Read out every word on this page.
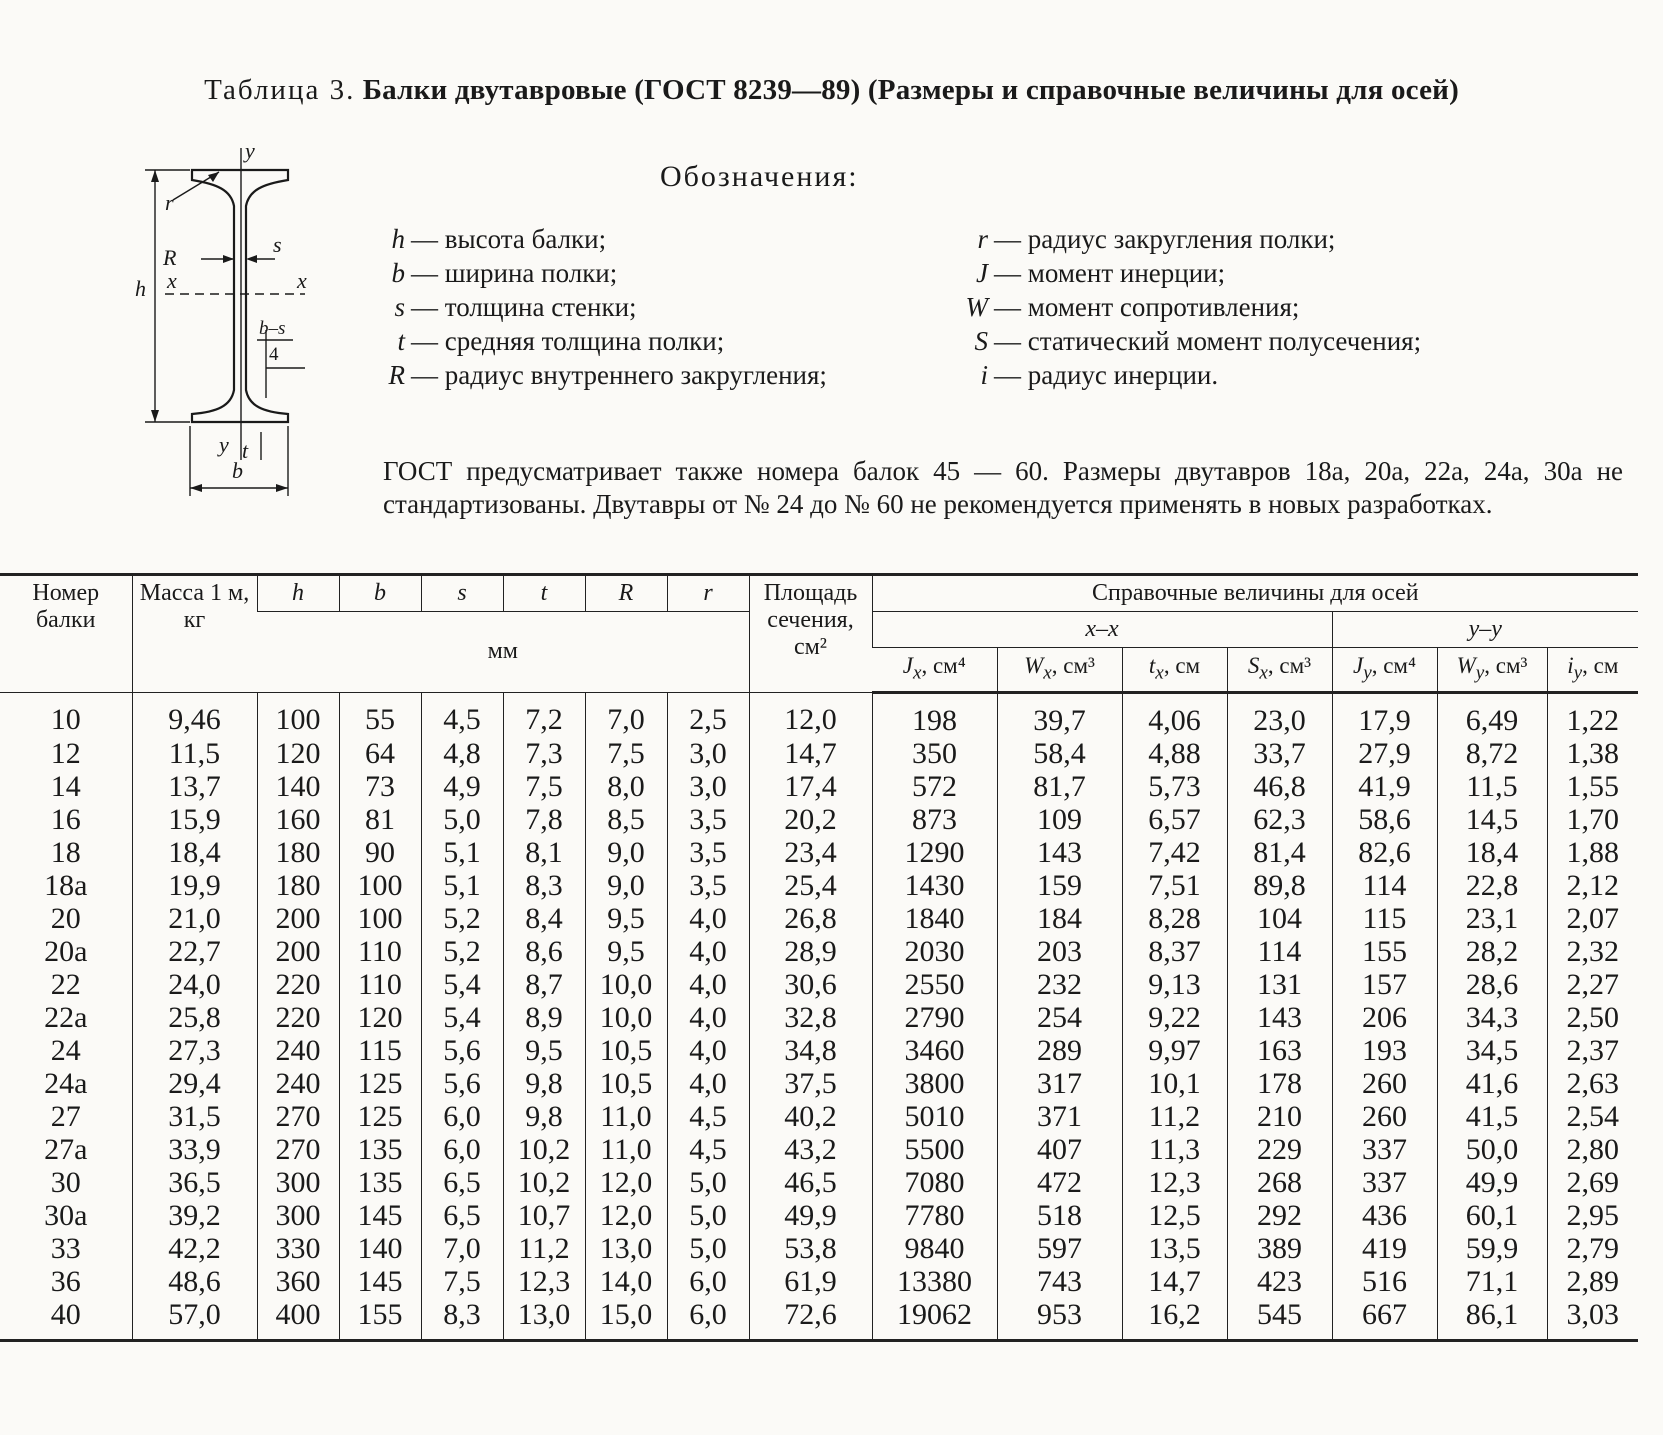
Таблица 3. Балки двутавровые (ГОСТ 8239—89) (Размеры и справочные величины для осей)
y
y
x	x
h
b
s
t
R
r
b–s
4
Обозначения:
h — высота балки;
b — ширина полки;
s — толщина стенки;
t — средняя толщина полки;
R — радиус внутреннего закругления;
r — радиус закругления полки;
J — момент инерции;
W — момент сопротивления;
S — статический момент полусечения;
i — радиус инерции.
ГОСТ предусматривает также номера балок 45 — 60. Размеры двутавров 18а, 20а, 22а, 24а, 30а не стандартизованы. Двутавры от № 24 до № 60 не рекомендуется применять в новых разработках.
Номер балки	Масса 1 м, кг	h	b	s	t	R	r	Площадь сечения, см²	Справочные величины для осей						
		мм							x–x				y–y		
									$J_x$, см⁴	$W_x$, см³	$t_x$, см	$S_x$, см³	$J_y$, см⁴	$W_y$, см³	$i_y$, см
10	9,46	100	55	4,5	7,2	7,0	2,5	12,0	198	39,7	4,06	23,0	17,9	6,49	1,22
12	11,5	120	64	4,8	7,3	7,5	3,0	14,7	350	58,4	4,88	33,7	27,9	8,72	1,38
14	13,7	140	73	4,9	7,5	8,0	3,0	17,4	572	81,7	5,73	46,8	41,9	11,5	1,55
16	15,9	160	81	5,0	7,8	8,5	3,5	20,2	873	109	6,57	62,3	58,6	14,5	1,70
18	18,4	180	90	5,1	8,1	9,0	3,5	23,4	1290	143	7,42	81,4	82,6	18,4	1,88
18а	19,9	180	100	5,1	8,3	9,0	3,5	25,4	1430	159	7,51	89,8	114	22,8	2,12
20	21,0	200	100	5,2	8,4	9,5	4,0	26,8	1840	184	8,28	104	115	23,1	2,07
20а	22,7	200	110	5,2	8,6	9,5	4,0	28,9	2030	203	8,37	114	155	28,2	2,32
22	24,0	220	110	5,4	8,7	10,0	4,0	30,6	2550	232	9,13	131	157	28,6	2,27
22а	25,8	220	120	5,4	8,9	10,0	4,0	32,8	2790	254	9,22	143	206	34,3	2,50
24	27,3	240	115	5,6	9,5	10,5	4,0	34,8	3460	289	9,97	163	193	34,5	2,37
24а	29,4	240	125	5,6	9,8	10,5	4,0	37,5	3800	317	10,1	178	260	41,6	2,63
27	31,5	270	125	6,0	9,8	11,0	4,5	40,2	5010	371	11,2	210	260	41,5	2,54
27а	33,9	270	135	6,0	10,2	11,0	4,5	43,2	5500	407	11,3	229	337	50,0	2,80
30	36,5	300	135	6,5	10,2	12,0	5,0	46,5	7080	472	12,3	268	337	49,9	2,69
30а	39,2	300	145	6,5	10,7	12,0	5,0	49,9	7780	518	12,5	292	436	60,1	2,95
33	42,2	330	140	7,0	11,2	13,0	5,0	53,8	9840	597	13,5	389	419	59,9	2,79
36	48,6	360	145	7,5	12,3	14,0	6,0	61,9	13380	743	14,7	423	516	71,1	2,89
40	57,0	400	155	8,3	13,0	15,0	6,0	72,6	19062	953	16,2	545	667	86,1	3,03
